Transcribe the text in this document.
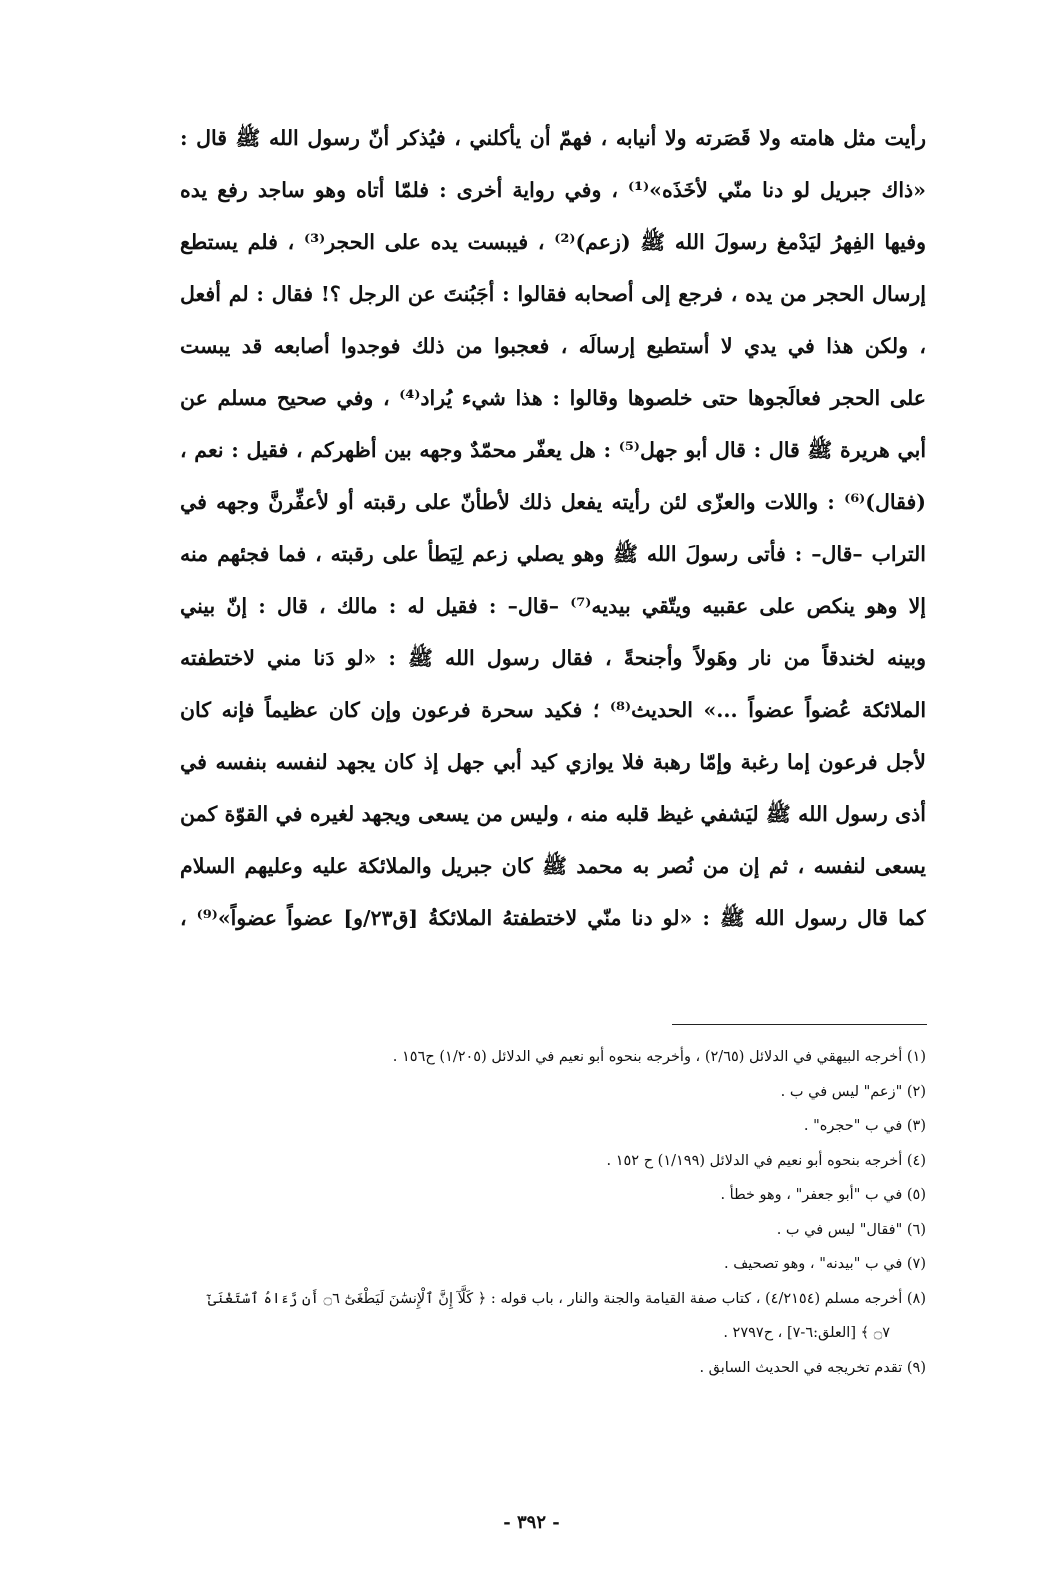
رأيت مثل هامته ولا قَصَرته ولا أنيابه ، فهمّ أن يأكلني ، فيُذكر أنّ رسول الله ﷺ قال :
«ذاك جبريل لو دنا منّي لأخَذَه»⁽¹⁾ ، وفي رواية أخرى : فلمّا أتاه وهو ساجد رفع يده
وفيها الفِهرُ ليَدْمغ رسولَ الله ﷺ (زعم)⁽²⁾ ، فيبست يده على الحجر⁽³⁾ ، فلم يستطع
إرسال الحجر من يده ، فرجع إلى أصحابه فقالوا : أجَبُنتَ عن الرجل ؟! فقال : لم أفعل
، ولكن هذا في يدي لا أستطيع إرسالَه ، فعجبوا من ذلك فوجدوا أصابعه قد يبست
على الحجر فعالَجوها حتى خلصوها وقالوا : هذا شيء يُراد⁽⁴⁾ ، وفي صحيح مسلم عن
أبي هريرة ﷺ قال : قال أبو جهل⁽⁵⁾ : هل يعفّر محمّدٌ وجهه بين أظهركم ، فقيل : نعم ،
(فقال)⁽⁶⁾ : واللات والعزّى لئن رأيته يفعل ذلك لأطأنّ على رقبته أو لأعفِّرنَّ وجهه في
التراب –قال– : فأتى رسولَ الله ﷺ وهو يصلي زعم لِيَطأ على رقبته ، فما فجئهم منه
إلا وهو ينكص على عقبيه ويتّقي بيديه⁽⁷⁾ –قال– : فقيل له : مالك ، قال : إنّ بيني
وبينه لخندقاً من نار وهَولاً وأجنحةً ، فقال رسول الله ﷺ : «لو دَنا مني لاختطفته
الملائكة عُضواً عضواً ...» الحديث⁽⁸⁾ ؛ فكيد سحرة فرعون وإن كان عظيماً فإنه كان
لأجل فرعون إما رغبة وإمّا رهبة فلا يوازي كيد أبي جهل إذ كان يجهد لنفسه بنفسه في
أذى رسول الله ﷺ ليَشفي غيظ قلبه منه ، وليس من يسعى ويجهد لغيره في القوّة كمن
يسعى لنفسه ، ثم إن من نُصر به محمد ﷺ كان جبريل والملائكة عليه وعليهم السلام
كما قال رسول الله ﷺ : «لو دنا منّي لاختطفتهُ الملائكةُ [ق٢٣/و] عضواً عضواً»⁽⁹⁾ ،
(١) أخرجه البيهقي في الدلائل (٢/٦٥) ، وأخرجه بنحوه أبو نعيم في الدلائل (١/٢٠٥) ح١٥٦ .
(٢) "زعم" ليس في ب .
(٣) في ب "حجره" .
(٤) أخرجه بنحوه أبو نعيم في الدلائل (١/١٩٩) ح ١٥٢ .
(٥) في ب "أبو جعفر" ، وهو خطأ .
(٦) "فقال" ليس في ب .
(٧) في ب "بيدنه" ، وهو تصحيف .
(٨) أخرجه مسلم (٤/٢١٥٤) ، كتاب صفة القيامة والجنة والنار ، باب قوله : ﴿ كَلَّآ إِنَّ ٱلْإِنسَٰنَ لَيَطْغَىٰٓ ۝٦ أَن رَّءَاهُ ٱسْتَغْنَىٰٓ
۝٧ ﴾ [العلق:٦-٧] ، ح٢٧٩٧ .
(٩) تقدم تخريجه في الحديث السابق .
- ٣٩٢ -
